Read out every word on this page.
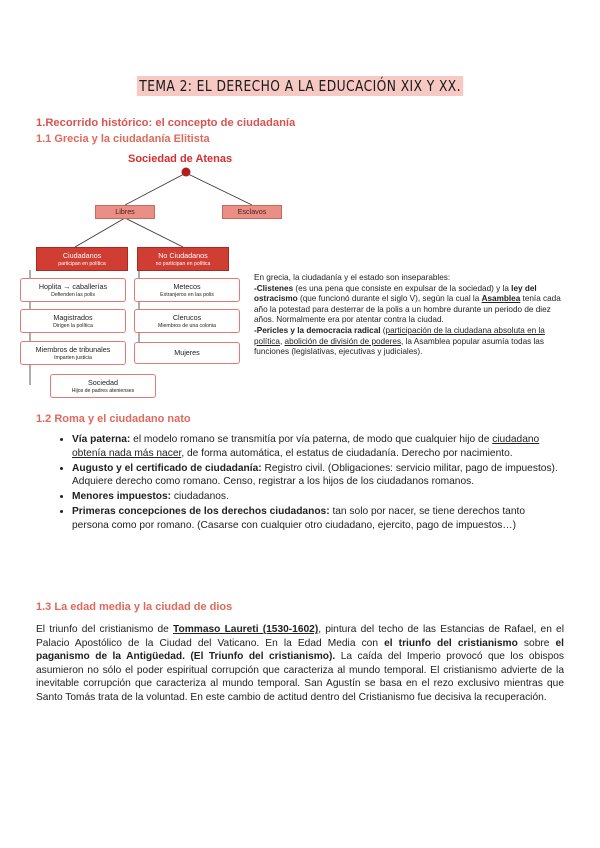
TEMA 2: EL DERECHO A LA EDUCACIÓN XIX Y XX.
1.Recorrido histórico: el concepto de ciudadanía
1.1 Grecia y la ciudadanía Elitista
Sociedad de Atenas
Libres	Esclavos
Ciudadanos
participan en política
No Ciudadanos
no participan en política
Hoplita → caballerías
Defienden las polis
Magistrados
Dirigen la política
Miembros de tribunales
Imparten justicia
Sociedad
Hijos de padres atenienses
Metecos
Extranjeros en las polis
Clerucos
Miembros de una colonia
Mujeres
En grecia, la ciudadanía y el estado son inseparables:
-Clistenes (es una pena que consiste en expulsar de la sociedad) y la ley del ostracismo (que funcionó durante el siglo V), según la cual la Asamblea tenía cada año la potestad para desterrar de la polis a un hombre durante un periodo de diez años. Normalmente era por atentar contra la ciudad.
-Pericles y la democracia radical (participación de la ciudadana absoluta en la política, abolición de división de poderes, la Asamblea popular asumía todas las funciones (legislativas, ejecutivas y judiciales).
1.2 Roma y el ciudadano nato
• Vía paterna: el modelo romano se transmitía por vía paterna, de modo que cualquier hijo de ciudadano obtenía nada más nacer, de forma automática, el estatus de ciudadanía. Derecho por nacimiento.
• Augusto y el certificado de ciudadanía: Registro civil. (Obligaciones: servicio militar, pago de impuestos). Adquiere derecho como romano. Censo, registrar a los hijos de los ciudadanos romanos.
• Menores impuestos: ciudadanos.
• Primeras concepciones de los derechos ciudadanos: tan solo por nacer, se tiene derechos tanto persona como por romano. (Casarse con cualquier otro ciudadano, ejercito, pago de impuestos…)
1.3 La edad media y la ciudad de dios
El triunfo del cristianismo de Tommaso Laureti (1530-1602), pintura del techo de las Estancias de Rafael, en el Palacio Apostólico de la Ciudad del Vaticano. En la Edad Media con el triunfo del cristianismo sobre el paganismo de la Antigüedad. (El Triunfo del cristianismo). La caída del Imperio provocó que los obispos asumieron no sólo el poder espiritual corrupción que caracteriza al mundo temporal. El cristianismo advierte de la inevitable corrupción que caracteriza al mundo temporal. San Agustín se basa en el rezo exclusivo mientras que Santo Tomás trata de la voluntad. En este cambio de actitud dentro del Cristianismo fue decisiva la recuperación.
